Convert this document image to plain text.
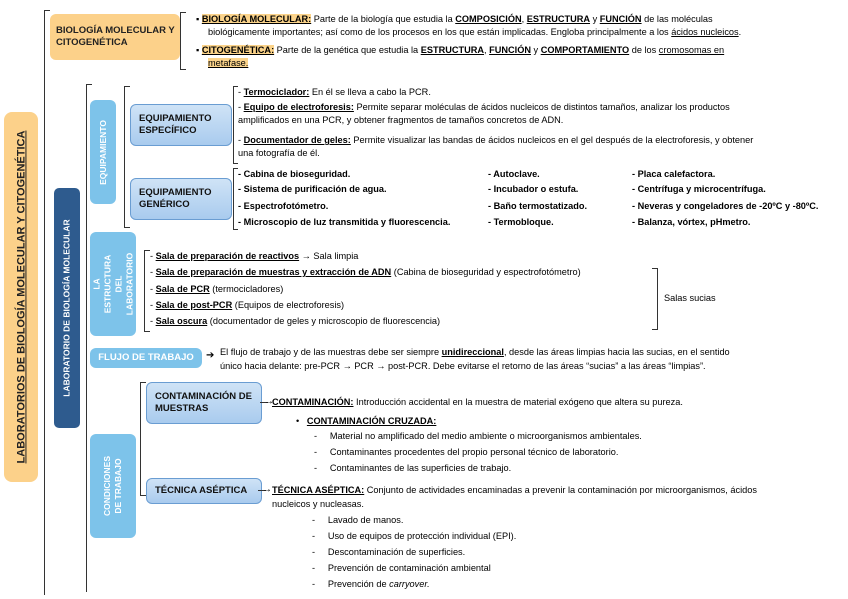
LABORATORIOS DE BIOLOGÍA MOLECULAR Y CITOGENÉTICA
BIOLOGÍA MOLECULAR Y CITOGENÉTICA
▪ BIOLOGÍA MOLECULAR: Parte de la biología que estudia la COMPOSICIÓN, ESTRUCTURA y FUNCIÓN de las moléculas
biológicamente importantes; así como de los procesos en los que están implicadas. Engloba principalmente a los ácidos nucleicos.
▪ CITOGENÉTICA: Parte de la genética que estudia la ESTRUCTURA, FUNCIÓN y COMPORTAMIENTO de los cromosomas en
metafase.
LABORATORIO DE BIOLOGÍA MOLECULAR
EQUIPAMIENTO
EQUIPAMIENTO ESPECÍFICO
- Termociclador: En él se lleva a cabo la PCR.
- Equipo de electroforesis: Permite separar moléculas de ácidos nucleicos de distintos tamaños, analizar los productos
amplificados en una PCR, y obtener fragmentos de tamaños concretos de ADN.
- Documentador de geles: Permite visualizar las bandas de ácidos nucleicos en el gel después de la electroforesis, y obtener
una fotografía de él.
EQUIPAMIENTO GENÉRICO
- Cabina de bioseguridad.
- Sistema de purificación de agua.
- Espectrofotómetro.
- Microscopio de luz transmitida y fluorescencia.
- Autoclave.
- Incubador o estufa.
- Baño termostatizado.
- Termobloque.
- Placa calefactora.
- Centrífuga y microcentrífuga.
- Neveras y congeladores de -20ºC y -80ºC.
- Balanza, vórtex, pHmetro.
LA ESTRUCTURA DEL LABORATORIO - Sala de preparación de reactivos → Sala limpia
- Sala de preparación de muestras y extracción de ADN (Cabina de bioseguridad y espectrofotómetro)
- Sala de PCR (termocicladores)
- Sala de post-PCR (Equipos de electroforesis)
- Sala oscura (documentador de geles y microscopio de fluorescencia)
Salas sucias
FLUJO DE TRABAJO ➔ El flujo de trabajo y de las muestras debe ser siempre unidireccional, desde las áreas limpias hacia las sucias, en el sentido
único hacia delante: pre-PCR → PCR → post-PCR. Debe evitarse el retorno de las áreas “sucias” a las áreas “limpias”.
CONDICIONES DE TRABAJO
CONTAMINACIÓN DE MUESTRAS
→
CONTAMINACIÓN: Introducción accidental en la muestra de material exógeno que altera su pureza.
•   CONTAMINACIÓN CRUZADA:
-     Material no amplificado del medio ambiente o microorganismos ambientales.
-     Contaminantes procedentes del propio personal técnico de laboratorio.
-     Contaminantes de las superficies de trabajo.
TÉCNICA ASÉPTICA → TÉCNICA ASÉPTICA: Conjunto de actividades encaminadas a prevenir la contaminación por microorganismos, ácidos
nucleicos y nucleasas.
-     Lavado de manos.
-     Uso de equipos de protección individual (EPI).
-     Descontaminación de superficies.
-     Prevención de contaminación ambiental
-     Prevención de carryover.
